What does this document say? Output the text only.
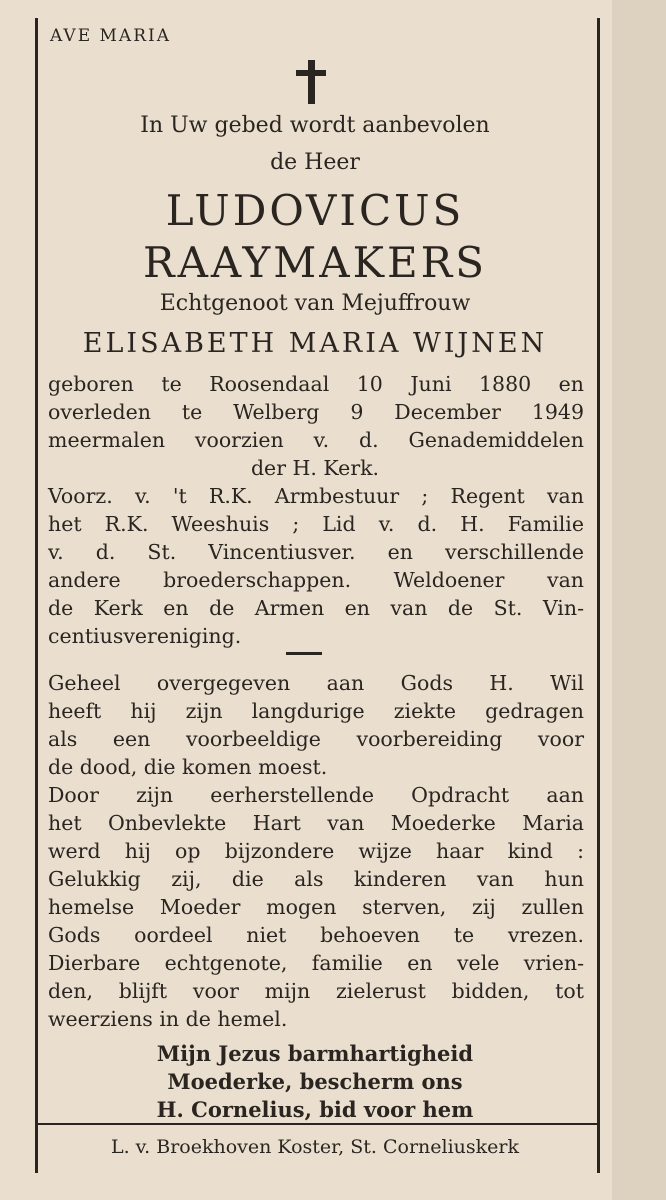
AVE MARIA
In Uw gebed wordt aanbevolen
de Heer
LUDOVICUS
RAAYMAKERS
Echtgenoot van Mejuffrouw
ELISABETH MARIA WIJNEN
geboren te Roosendaal 10 Juni 1880 en
overleden te Welberg 9 December 1949
meermalen voorzien v. d. Genademiddelen
der H. Kerk.
Voorz. v. 't R.K. Armbestuur ; Regent van
het R.K. Weeshuis ; Lid v. d. H. Familie
v. d. St. Vincentiusver. en verschillende
andere broederschappen. Weldoener van
de Kerk en de Armen en van de St. Vin-
centiusvereniging.
Geheel overgegeven aan Gods H. Wil
heeft hij zijn langdurige ziekte gedragen
als een voorbeeldige voorbereiding voor
de dood, die komen moest.
Door zijn eerherstellende Opdracht aan
het Onbevlekte Hart van Moederke Maria
werd hij op bijzondere wijze haar kind :
Gelukkig zij, die als kinderen van hun
hemelse Moeder mogen sterven, zij zullen
Gods oordeel niet behoeven te vrezen.
Dierbare echtgenote, familie en vele vrien-
den, blijft voor mijn zielerust bidden, tot
weerziens in de hemel.
Mijn Jezus barmhartigheid
Moederke, bescherm ons
H. Cornelius, bid voor hem
L. v. Broekhoven Koster, St. Corneliuskerk
